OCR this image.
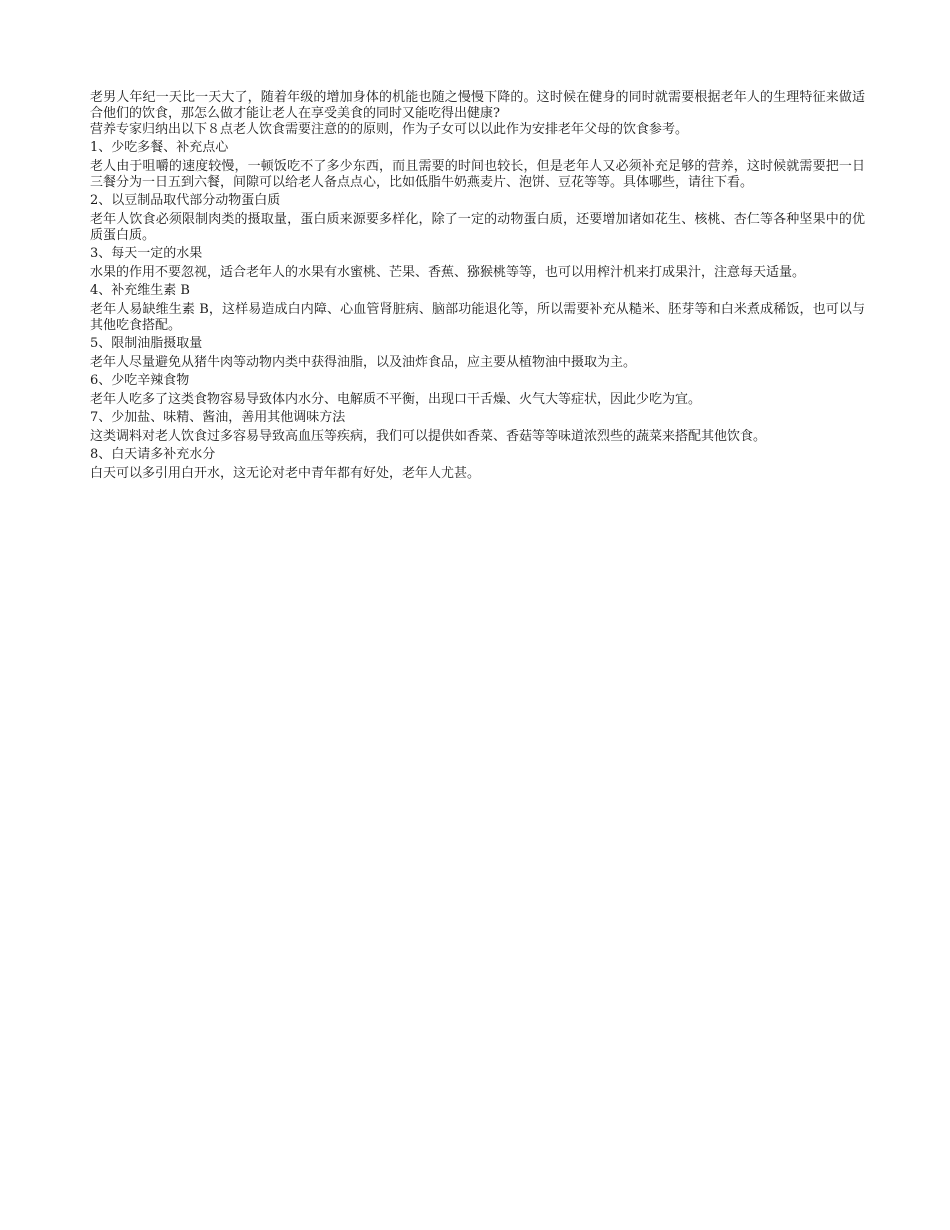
老男人年纪一天比一天大了，随着年级的增加身体的机能也随之慢慢下降的。这时候在健身的同时就需要根据老年人的生理特征来做适合他们的饮食，那怎么做才能让老人在享受美食的同时又能吃得出健康?

营养专家归纳出以下８点老人饮食需要注意的的原则，作为子女可以以此作为安排老年父母的饮食参考。

1、少吃多餐、补充点心

老人由于咀嚼的速度较慢，一顿饭吃不了多少东西，而且需要的时间也较长，但是老年人又必须补充足够的营养，这时候就需要把一日三餐分为一日五到六餐，间隙可以给老人备点点心，比如低脂牛奶燕麦片、泡饼、豆花等等。具体哪些，请往下看。

2、以豆制品取代部分动物蛋白质

老年人饮食必须限制肉类的摄取量，蛋白质来源要多样化，除了一定的动物蛋白质，还要增加诸如花生、核桃、杏仁等各种坚果中的优质蛋白质。

3、每天一定的水果

水果的作用不要忽视，适合老年人的水果有水蜜桃、芒果、香蕉、猕猴桃等等，也可以用榨汁机来打成果汁，注意每天适量。

4、补充维生素 B

老年人易缺维生素 B，这样易造成白内障、心血管肾脏病、脑部功能退化等，所以需要补充从糙米、胚芽等和白米煮成稀饭，也可以与其他吃食搭配。

5、限制油脂摄取量

老年人尽量避免从猪牛肉等动物内类中获得油脂，以及油炸食品，应主要从植物油中摄取为主。

6、少吃辛辣食物

老年人吃多了这类食物容易导致体内水分、电解质不平衡，出现口干舌燥、火气大等症状，因此少吃为宜。

7、少加盐、味精、酱油，善用其他调味方法

这类调料对老人饮食过多容易导致高血压等疾病，我们可以提供如香菜、香菇等等味道浓烈些的蔬菜来搭配其他饮食。

8、白天请多补充水分

白天可以多引用白开水，这无论对老中青年都有好处，老年人尤甚。
